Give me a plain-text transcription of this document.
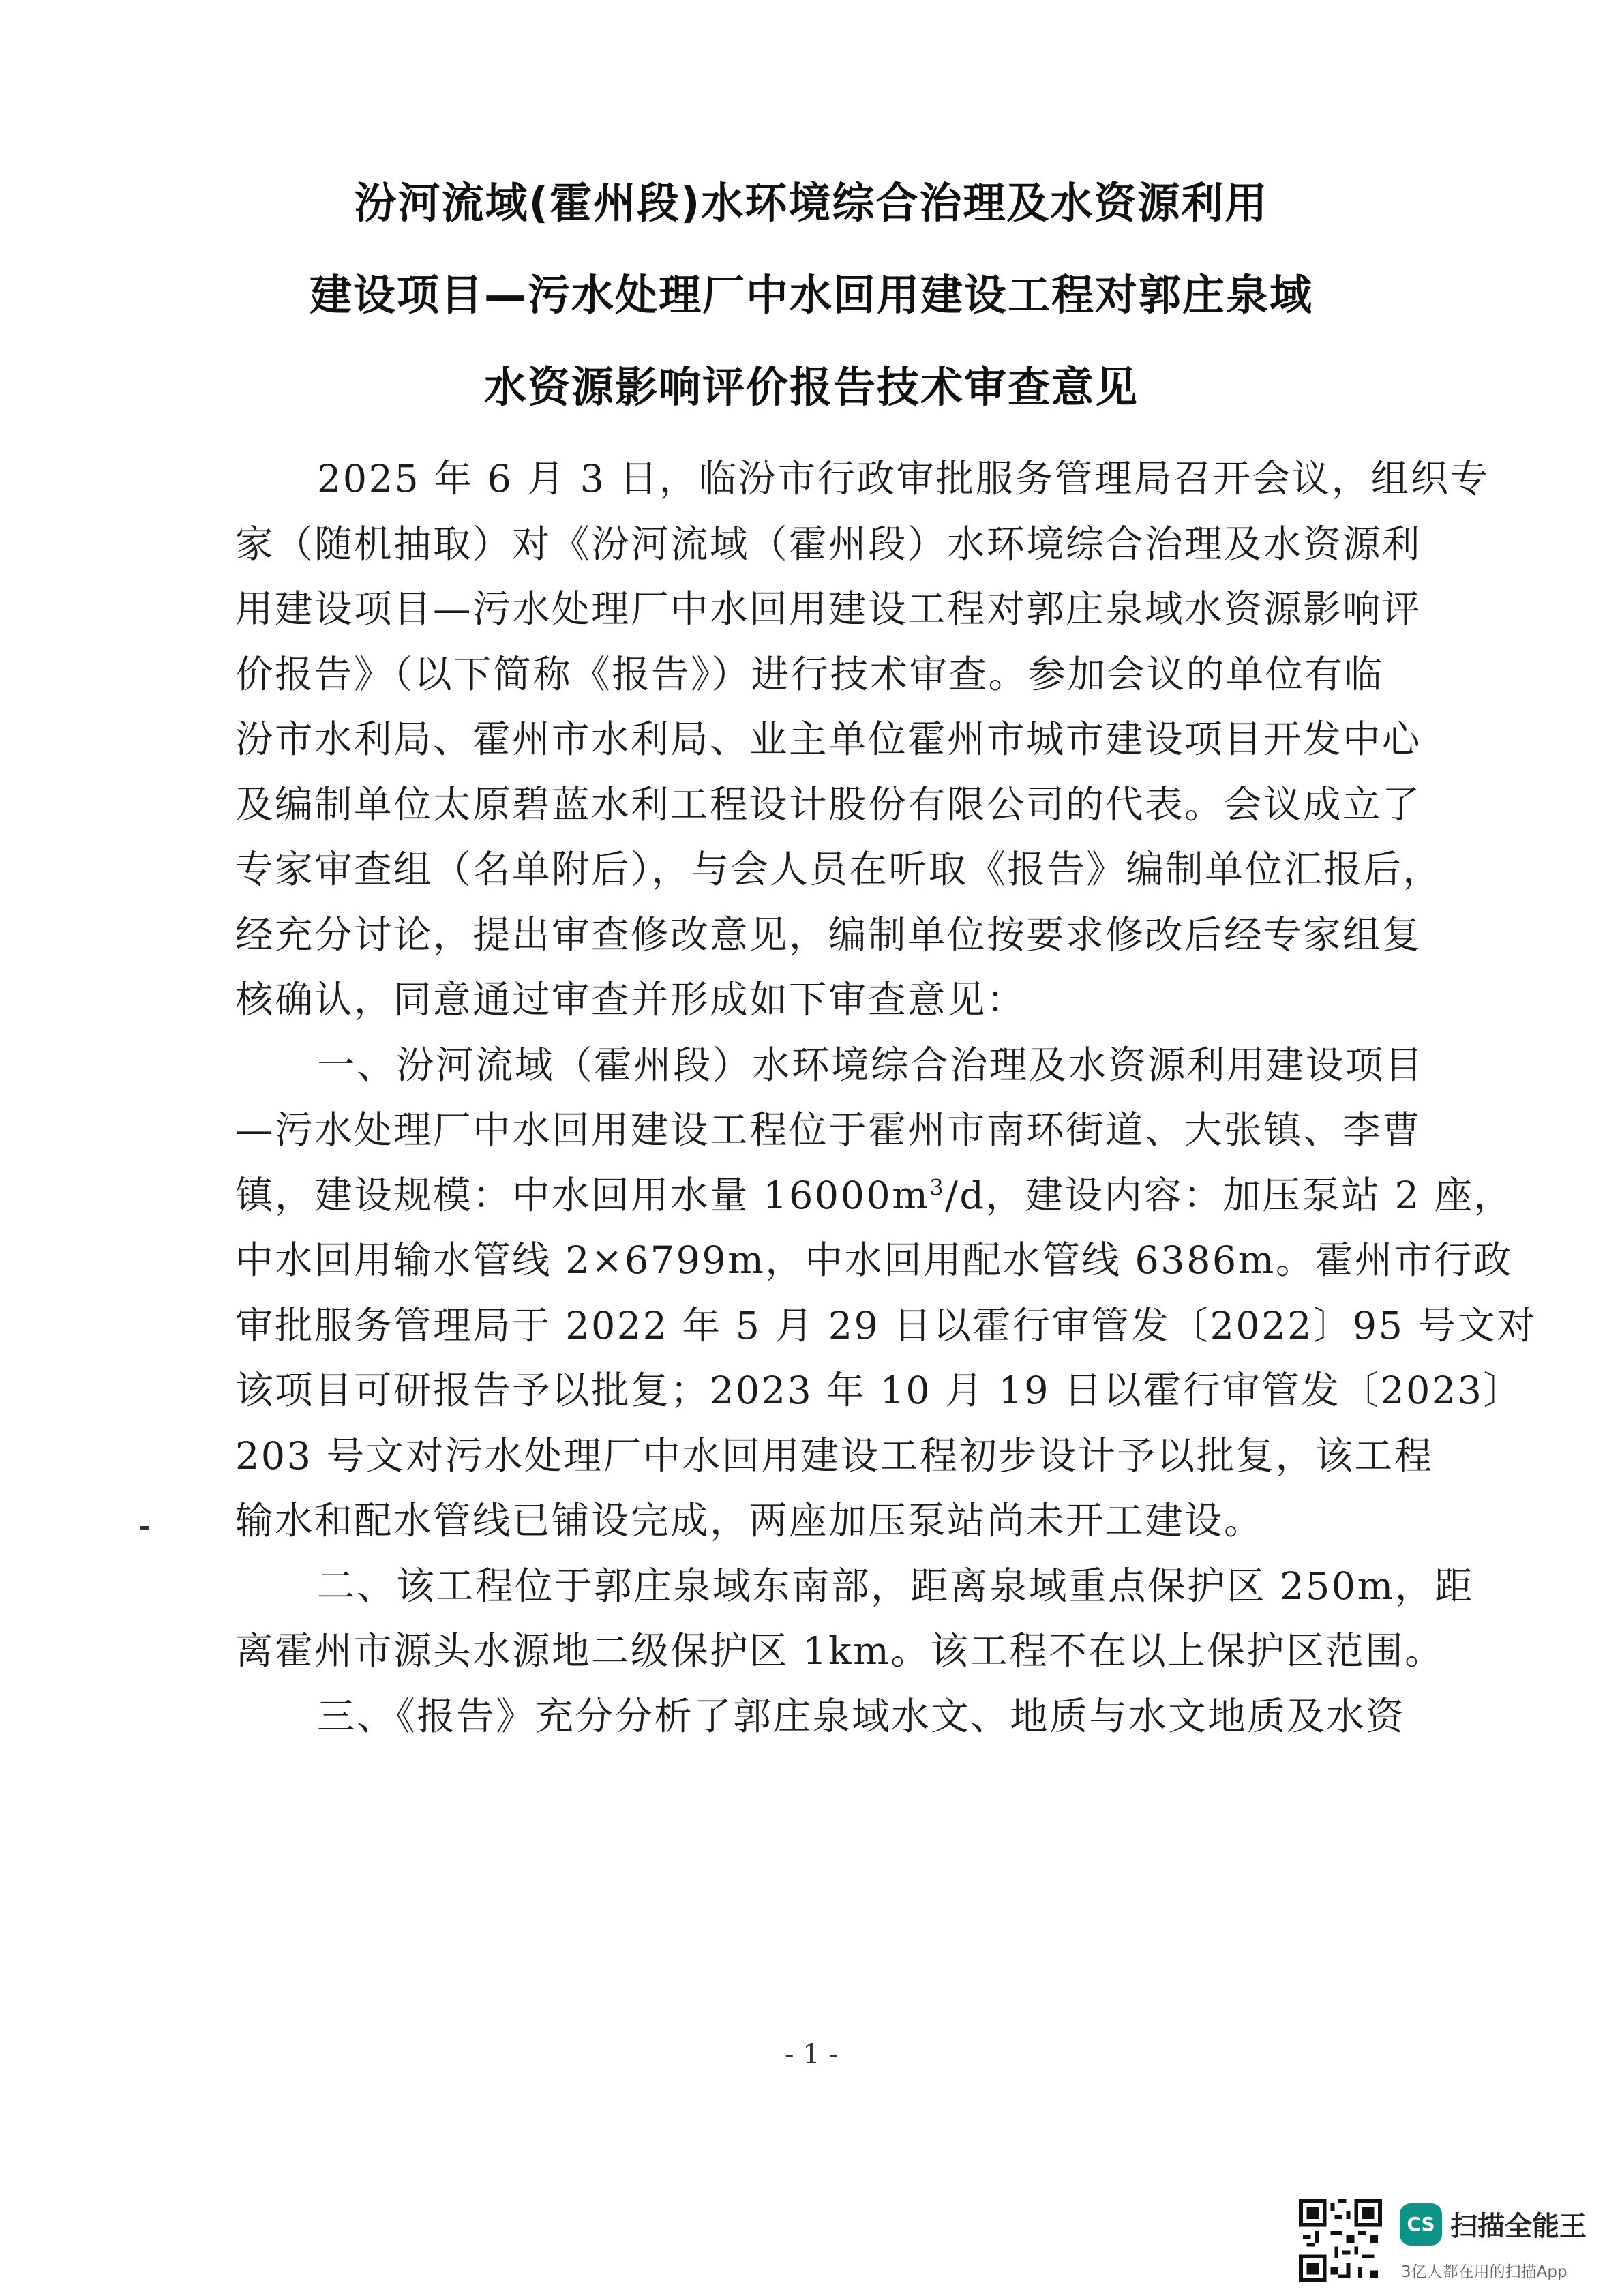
汾河流域(霍州段)水环境综合治理及水资源利用
建设项目—污水处理厂中水回用建设工程对郭庄泉域
水资源影响评价报告技术审查意见
2025 年 6 月 3 日，临汾市行政审批服务管理局召开会议，组织专
家（随机抽取）对《汾河流域（霍州段）水环境综合治理及水资源利
用建设项目—污水处理厂中水回用建设工程对郭庄泉域水资源影响评
价报告》（以下简称《报告》）进行技术审查。参加会议的单位有临
汾市水利局、霍州市水利局、业主单位霍州市城市建设项目开发中心
及编制单位太原碧蓝水利工程设计股份有限公司的代表。会议成立了
专家审查组（名单附后），与会人员在听取《报告》编制单位汇报后，
经充分讨论，提出审查修改意见，编制单位按要求修改后经专家组复
核确认，同意通过审查并形成如下审查意见：
一、汾河流域（霍州段）水环境综合治理及水资源利用建设项目
—污水处理厂中水回用建设工程位于霍州市南环街道、大张镇、李曹
镇，建设规模：中水回用水量 $16000m^3/d$，建设内容：加压泵站 2 座，
中水回用输水管线 2×6799m，中水回用配水管线 6386m。霍州市行政
审批服务管理局于 2022 年 5 月 29 日以霍行审管发〔2022〕95 号文对
该项目可研报告予以批复；2023 年 10 月 19 日以霍行审管发〔2023〕
203 号文对污水处理厂中水回用建设工程初步设计予以批复，该工程
输水和配水管线已铺设完成，两座加压泵站尚未开工建设。
二、该工程位于郭庄泉域东南部，距离泉域重点保护区 250m，距
离霍州市源头水源地二级保护区 1km。该工程不在以上保护区范围。
三、《报告》充分分析了郭庄泉域水文、地质与水文地质及水资
- 1 -
CS 扫描全能王
3亿人都在用的扫描App
